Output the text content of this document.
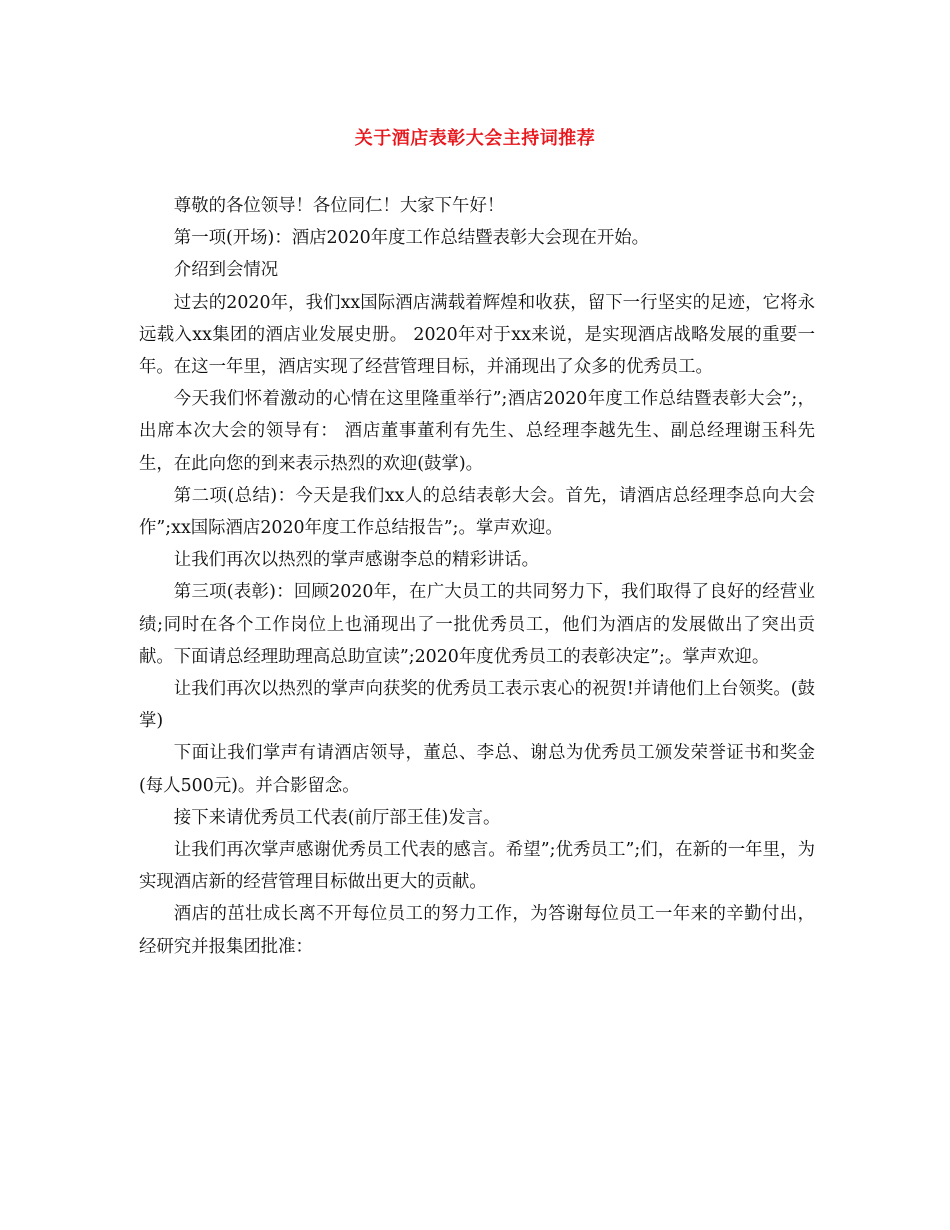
关于酒店表彰大会主持词推荐

尊敬的各位领导！各位同仁！大家下午好！

第一项(开场)：酒店2020年度工作总结暨表彰大会现在开始。

介绍到会情况

过去的2020年，我们xx国际酒店满载着辉煌和收获，留下一行坚实的足迹，它将永远载入xx集团的酒店业发展史册。 2020年对于xx来说，是实现酒店战略发展的重要一年。在这一年里，酒店实现了经营管理目标，并涌现出了众多的优秀员工。

今天我们怀着激动的心情在这里隆重举行”;酒店2020年度工作总结暨表彰大会”;，出席本次大会的领导有： 酒店董事董利有先生、总经理李越先生、副总经理谢玉科先生，在此向您的到来表示热烈的欢迎(鼓掌)。

第二项(总结)：今天是我们xx人的总结表彰大会。首先，请酒店总经理李总向大会作”;xx国际酒店2020年度工作总结报告”;。掌声欢迎。

让我们再次以热烈的掌声感谢李总的精彩讲话。

第三项(表彰)：回顾2020年，在广大员工的共同努力下，我们取得了良好的经营业绩;同时在各个工作岗位上也涌现出了一批优秀员工，他们为酒店的发展做出了突出贡献。下面请总经理助理高总助宣读”;2020年度优秀员工的表彰决定”;。掌声欢迎。

让我们再次以热烈的掌声向获奖的优秀员工表示衷心的祝贺!并请他们上台领奖。(鼓掌)

下面让我们掌声有请酒店领导，董总、李总、谢总为优秀员工颁发荣誉证书和奖金(每人500元)。并合影留念。

接下来请优秀员工代表(前厅部王佳)发言。

让我们再次掌声感谢优秀员工代表的感言。希望”;优秀员工”;们，在新的一年里，为实现酒店新的经营管理目标做出更大的贡献。

酒店的茁壮成长离不开每位员工的努力工作，为答谢每位员工一年来的辛勤付出，经研究并报集团批准：
